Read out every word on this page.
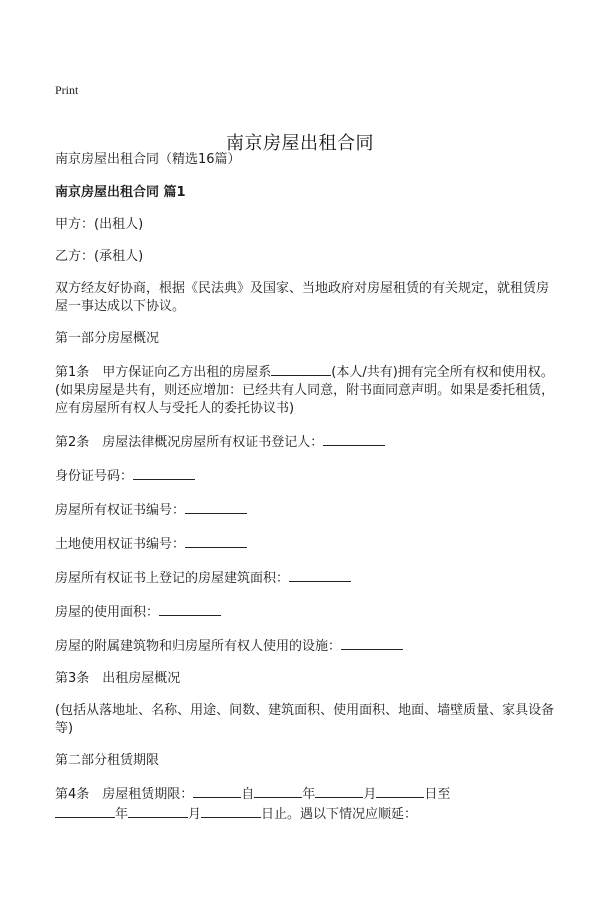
Print
南京房屋出租合同

南京房屋出租合同（精选16篇）

南京房屋出租合同 篇1

甲方：(出租人)

乙方：(承租人)

双方经友好协商，根据《民法典》及国家、当地政府对房屋租赁的有关规定，就租赁房屋一事达成以下协议。

第一部分房屋概况

第1条　甲方保证向乙方出租的房屋系	(本人/共有)拥有完全所有权和使用权。(如果房屋是共有，则还应增加：已经共有人同意，附书面同意声明。如果是委托租赁，应有房屋所有权人与受托人的委托协议书)

第2条　房屋法律概况房屋所有权证书登记人：

身份证号码：

房屋所有权证书编号：

土地使用权证书编号：

房屋所有权证书上登记的房屋建筑面积：

房屋的使用面积：

房屋的附属建筑物和归房屋所有权人使用的设施：

第3条　出租房屋概况

(包括从落地址、名称、用途、间数、建筑面积、使用面积、地面、墙壁质量、家具设备等)

第二部分租赁期限

第4条　房屋租赁期限：	自	年	月	日至
年	月	日止。遇以下情况应顺延：
